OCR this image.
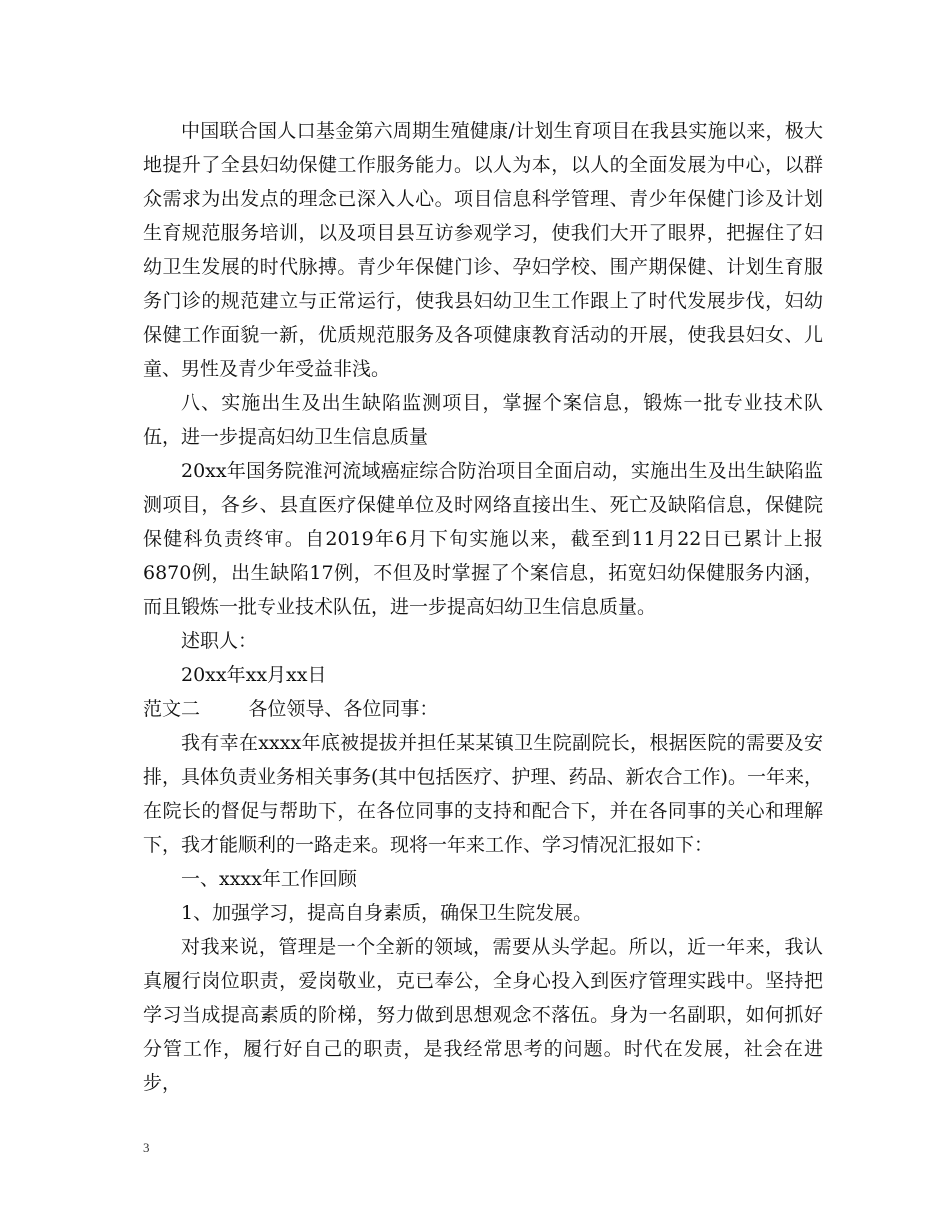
中国联合国人口基金第六周期生殖健康/计划生育项目在我县实施以来，极大地提升了全县妇幼保健工作服务能力。以人为本，以人的全面发展为中心，以群众需求为出发点的理念已深入人心。项目信息科学管理、青少年保健门诊及计划生育规范服务培训，以及项目县互访参观学习，使我们大开了眼界，把握住了妇幼卫生发展的时代脉搏。青少年保健门诊、孕妇学校、围产期保健、计划生育服务门诊的规范建立与正常运行，使我县妇幼卫生工作跟上了时代发展步伐，妇幼保健工作面貌一新，优质规范服务及各项健康教育活动的开展，使我县妇女、儿童、男性及青少年受益非浅。

八、实施出生及出生缺陷监测项目，掌握个案信息，锻炼一批专业技术队伍，进一步提高妇幼卫生信息质量

20xx年国务院淮河流域癌症综合防治项目全面启动，实施出生及出生缺陷监测项目，各乡、县直医疗保健单位及时网络直接出生、死亡及缺陷信息，保健院保健科负责终审。自2019年6月下旬实施以来，截至到11月22日已累计上报6870例，出生缺陷17例，不但及时掌握了个案信息，拓宽妇幼保健服务内涵，而且锻炼一批专业技术队伍，进一步提高妇幼卫生信息质量。

述职人：

20xx年xx月xx日

范文二        各位领导、各位同事：

我有幸在xxxx年底被提拔并担任某某镇卫生院副院长，根据医院的需要及安排，具体负责业务相关事务(其中包括医疗、护理、药品、新农合工作)。一年来，在院长的督促与帮助下，在各位同事的支持和配合下，并在各同事的关心和理解下，我才能顺利的一路走来。现将一年来工作、学习情况汇报如下：

一、xxxx年工作回顾

1、加强学习，提高自身素质，确保卫生院发展。

对我来说，管理是一个全新的领域，需要从头学起。所以，近一年来，我认真履行岗位职责，爱岗敬业，克已奉公，全身心投入到医疗管理实践中。坚持把学习当成提高素质的阶梯，努力做到思想观念不落伍。身为一名副职，如何抓好分管工作，履行好自己的职责，是我经常思考的问题。时代在发展，社会在进步，

3
